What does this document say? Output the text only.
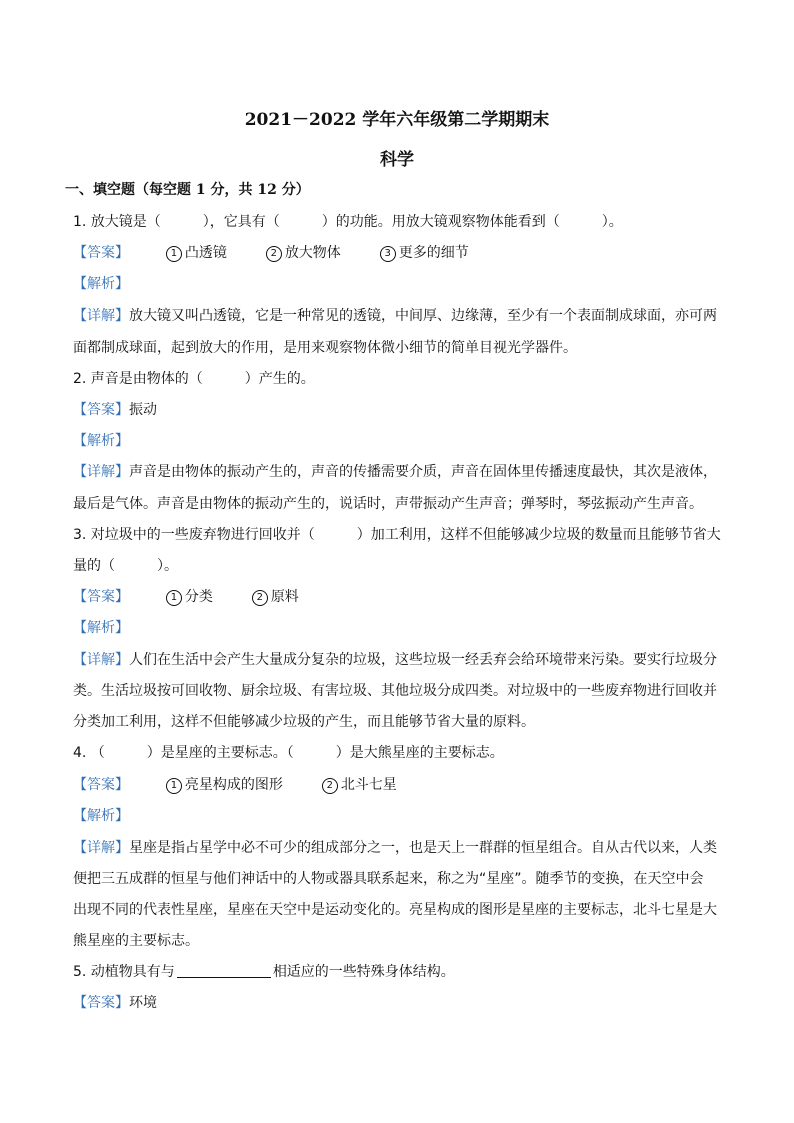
2021－2022 学年六年级第二学期期末
科学
一、填空题（每空题 1 分，共 12 分）
1. 放大镜是（　　　），它具有（　　　）的功能。用放大镜观察物体能看到（　　　）。
【答案】	1 凸透镜	2 放大物体	3 更多的细节
【解析】
【详解】放大镜又叫凸透镜，它是一种常见的透镜，中间厚、边缘薄，至少有一个表面制成球面，亦可两
面都制成球面，起到放大的作用，是用来观察物体微小细节的简单目视光学器件。
2. 声音是由物体的（　　　）产生的。
【答案】振动
【解析】
【详解】声音是由物体的振动产生的，声音的传播需要介质，声音在固体里传播速度最快，其次是液体，
最后是气体。声音是由物体的振动产生的，说话时，声带振动产生声音；弹琴时，琴弦振动产生声音。
3. 对垃圾中的一些废弃物进行回收并（　　　）加工利用，这样不但能够减少垃圾的数量而且能够节省大
量的（　　　）。
【答案】	1 分类	2 原料
【解析】
【详解】人们在生活中会产生大量成分复杂的垃圾，这些垃圾一经丢弃会给环境带来污染。要实行垃圾分
类。生活垃圾按可回收物、厨余垃圾、有害垃圾、其他垃圾分成四类。对垃圾中的一些废弃物进行回收并
分类加工利用，这样不但能够减少垃圾的产生，而且能够节省大量的原料。
4. （　　　）是星座的主要标志。（　　　）是大熊星座的主要标志。
【答案】	1 亮星构成的图形	2 北斗七星
【解析】
【详解】星座是指占星学中必不可少的组成部分之一，也是天上一群群的恒星组合。自从古代以来，人类
便把三五成群的恒星与他们神话中的人物或器具联系起来，称之为“星座”。随季节的变换，在天空中会
出现不同的代表性星座，星座在天空中是运动变化的。亮星构成的图形是星座的主要标志，北斗七星是大
熊星座的主要标志。
5. 动植物具有与	相适应的一些特殊身体结构。
【答案】环境
